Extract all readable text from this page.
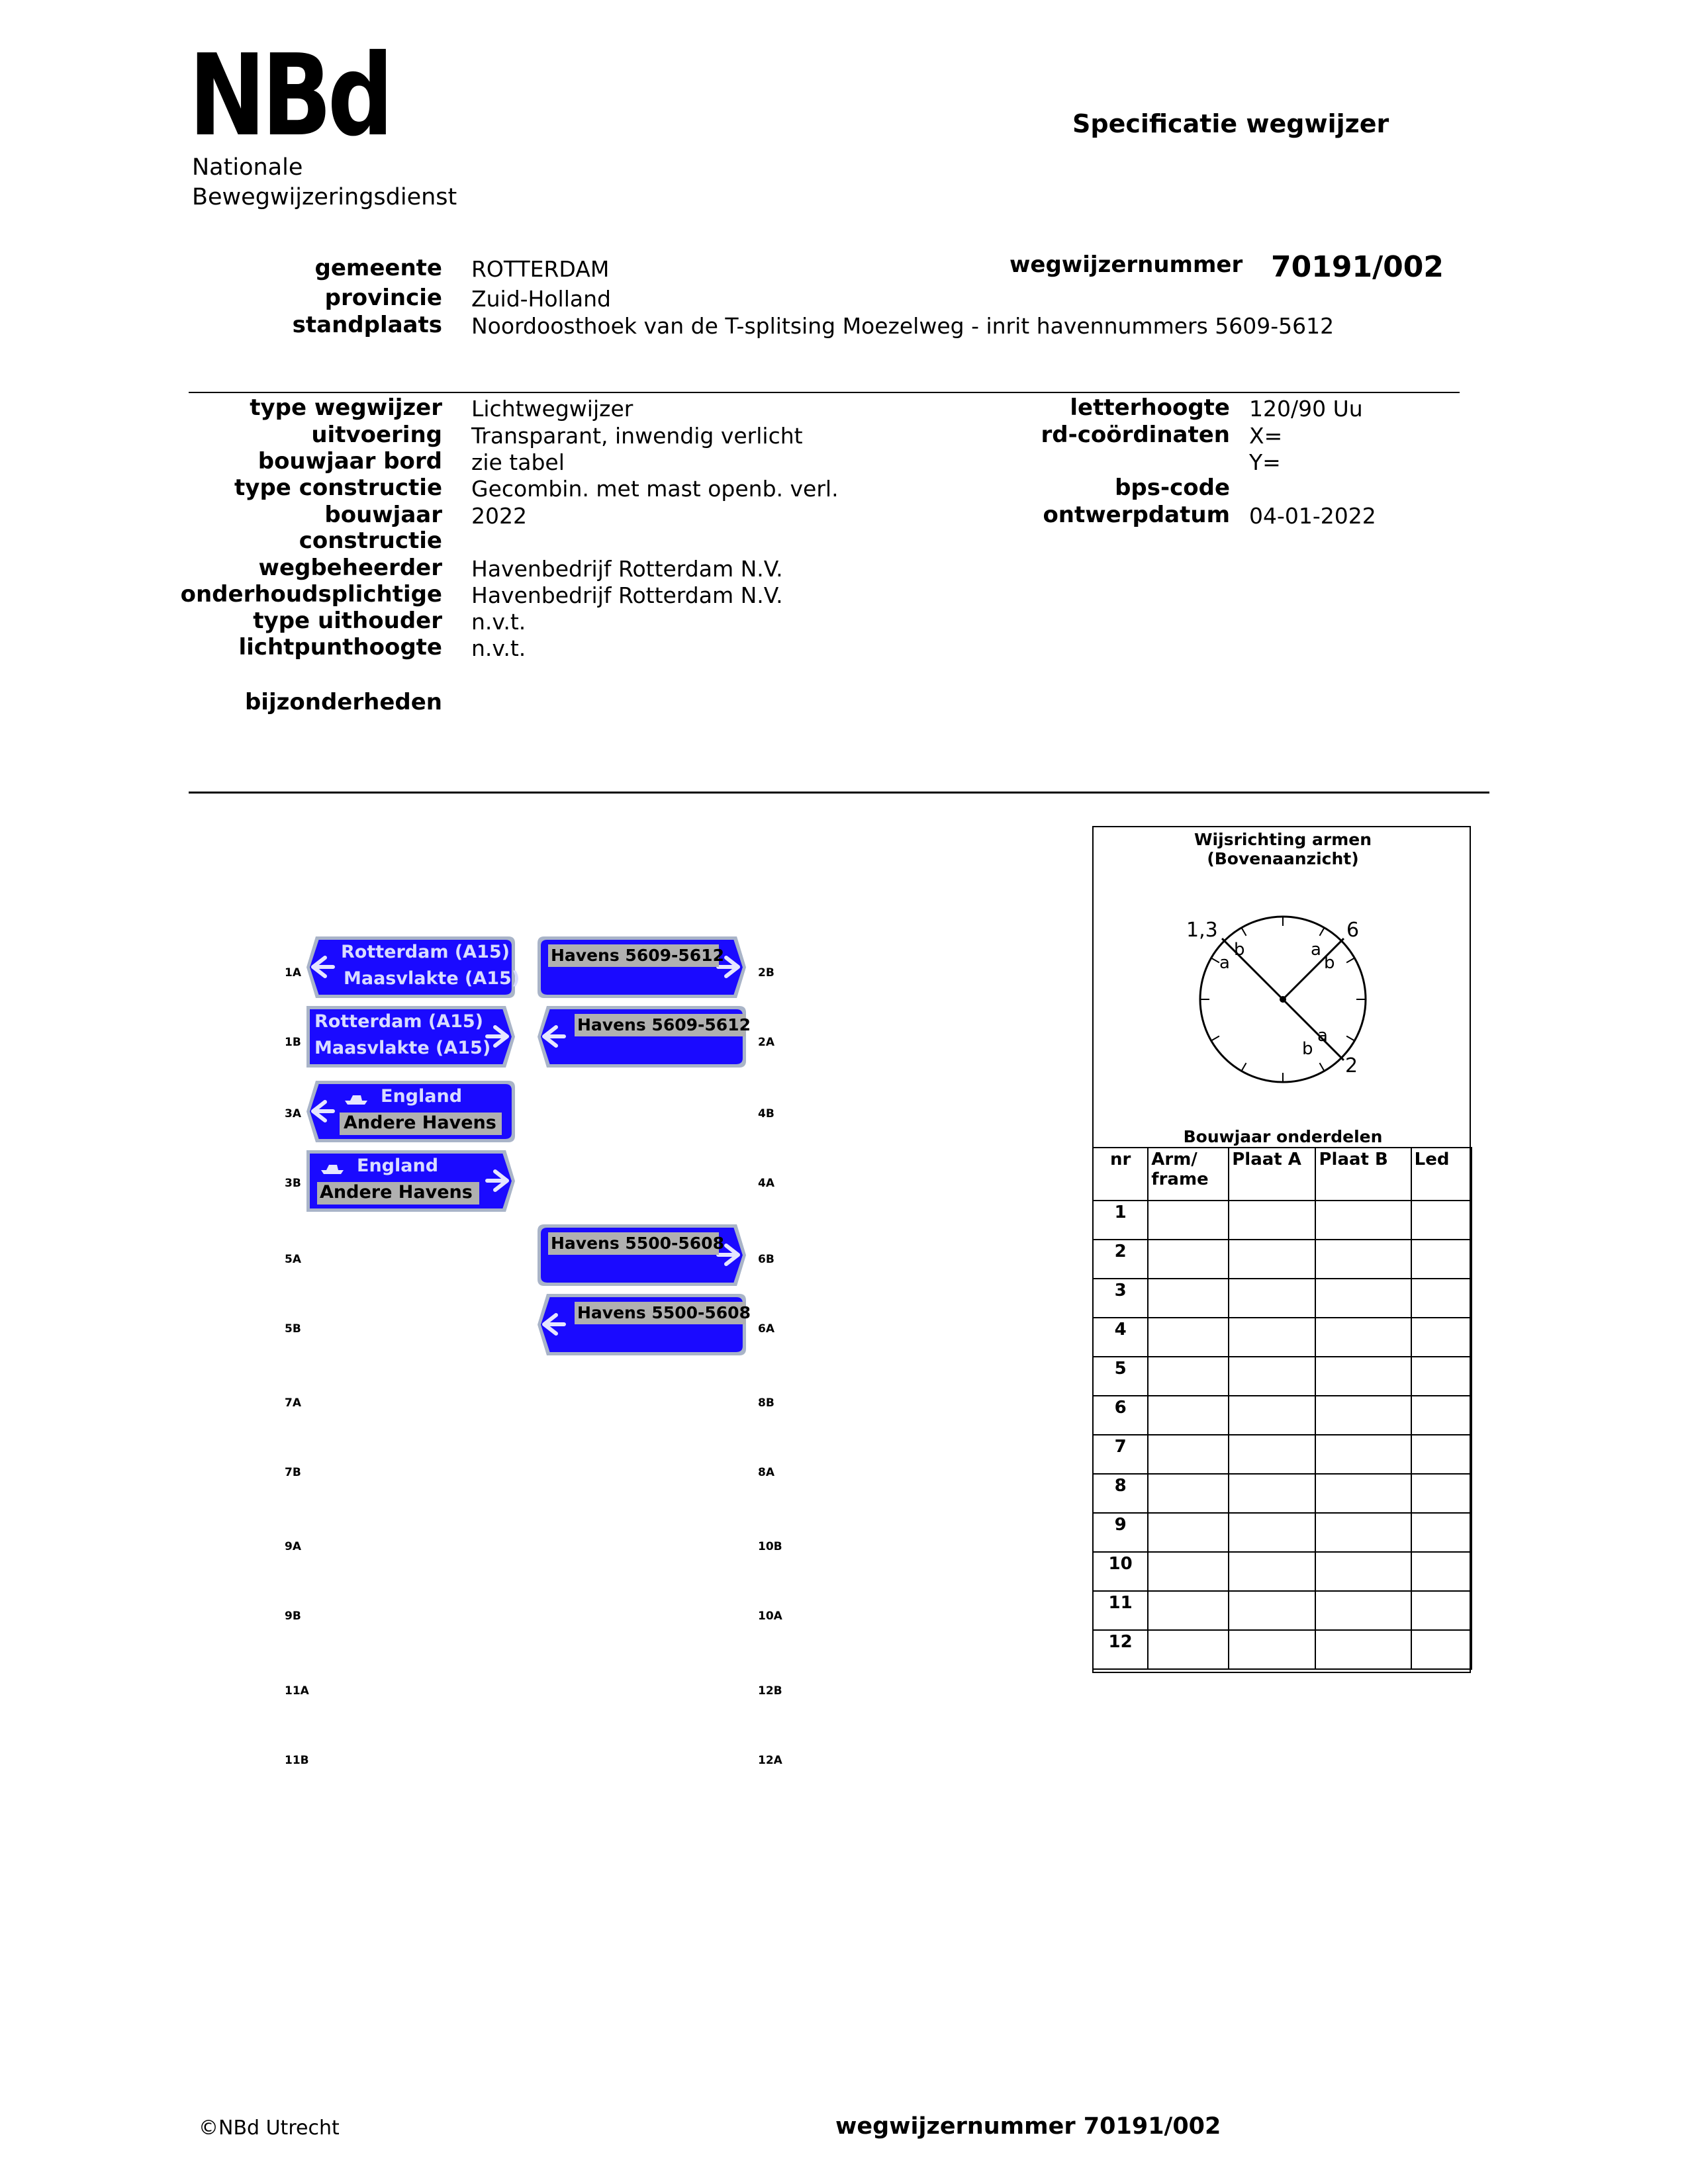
NBd
Nationale
Bewegwijzeringsdienst
Specificatie wegwijzer
gemeente ROTTERDAM
provincie Zuid-Holland
standplaats Noordoosthoek van de T-splitsing Moezelweg - inrit havennummers 5609-5612
wegwijzernummer 70191/002
type wegwijzer Lichtwegwijzer
uitvoering Transparant, inwendig verlicht
bouwjaar bord zie tabel
type constructie Gecombin. met mast openb. verl.
bouwjaar 2022
constructie
wegbeheerder Havenbedrijf Rotterdam N.V.
onderhoudsplichtige Havenbedrijf Rotterdam N.V.
type uithouder n.v.t.
lichtpunthoogte n.v.t.
bijzonderheden
letterhoogte 120/90 Uu
rd-coördinaten X=
Y=
bps-code
ontwerpdatum 04-01-2022
1A
1B
3A
3B
5A
5B
7A
7B
9A
9B
11A
11B
2B
2A
4B
4A
6B
6A
8B
8A
10B
10A
12B
12A
Rotterdam (A15)
Maasvlakte (A15)
Rotterdam (A15)
Maasvlakte (A15)
Havens 5609-5612
Havens 5609-5612
England
Andere Havens
England
Andere Havens
Havens 5500-5608
Havens 5500-5608
Wijsrichting armen
(Bovenaanzicht)
1,3	6
2
b
a
a
b
a
b
Bouwjaar onderdelen
nr	Arm/ frame	Plaat A	Plaat B	Led
1				
2				
3				
4				
5				
6				
7				
8				
9				
10				
11				
12				
©NBd Utrecht	wegwijzernummer 70191/002
